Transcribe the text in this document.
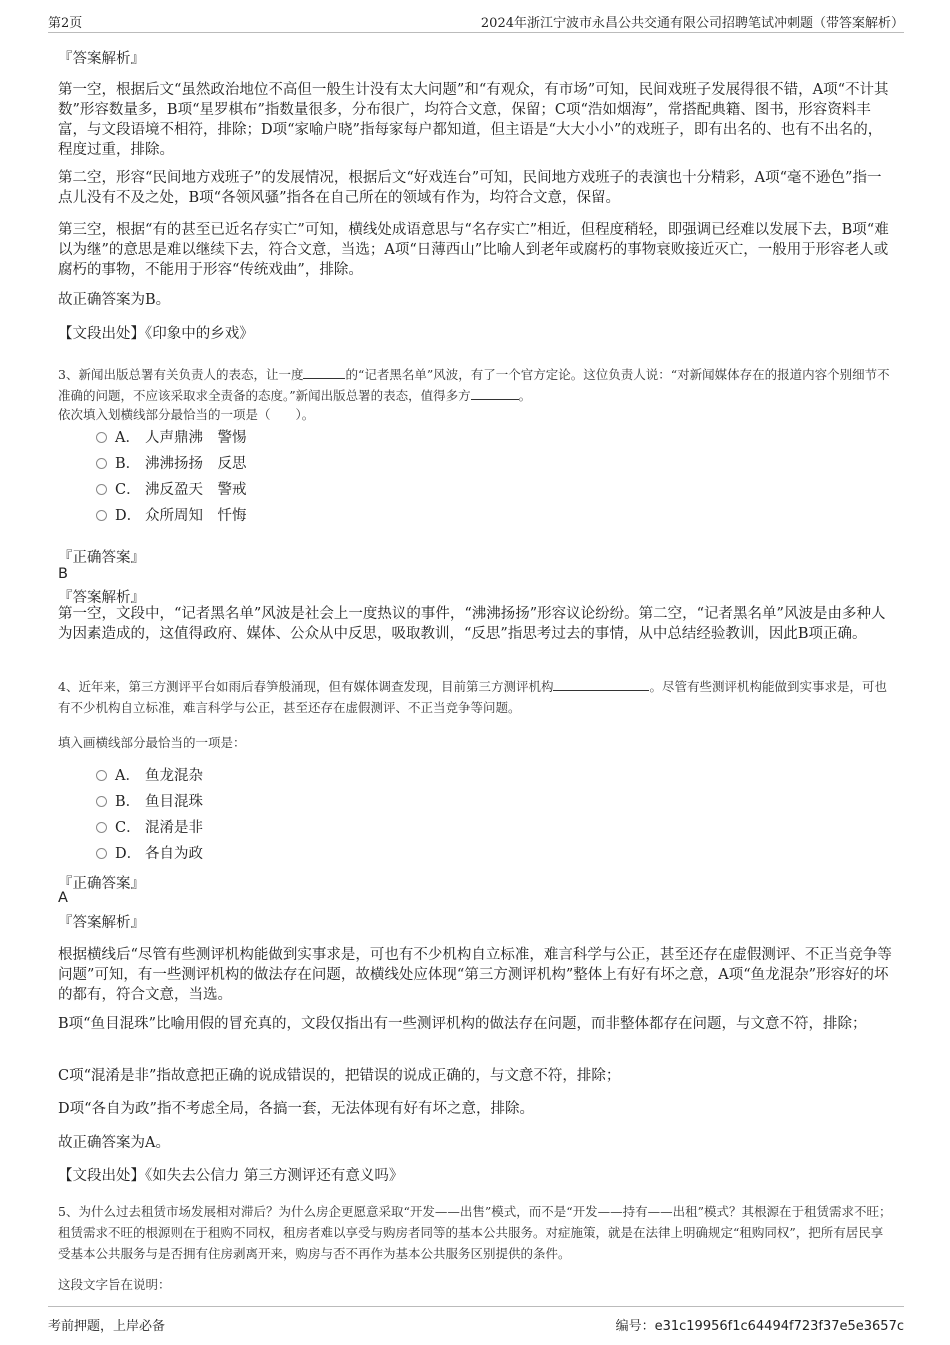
第2页	2024年浙江宁波市永昌公共交通有限公司招聘笔试冲刺题（带答案解析）
『答案解析』

第一空，根据后文“虽然政治地位不高但一般生计没有太大问题”和“有观众，有市场”可知，民间戏班子发展得很不错，A项“不计其数”形容数量多，B项“星罗棋布”指数量很多，分布很广，均符合文意，保留；C项“浩如烟海”，常搭配典籍、图书，形容资料丰富，与文段语境不相符，排除；D项“家喻户晓”指每家每户都知道，但主语是“大大小小”的戏班子，即有出名的、也有不出名的，程度过重，排除。

第二空，形容“民间地方戏班子”的发展情况，根据后文“好戏连台”可知，民间地方戏班子的表演也十分精彩，A项“毫不逊色”指一点儿没有不及之处，B项“各领风骚”指各在自己所在的领域有作为，均符合文意，保留。

第三空，根据“有的甚至已近名存实亡”可知，横线处成语意思与“名存实亡”相近，但程度稍轻，即强调已经难以发展下去，B项“难以为继”的意思是难以继续下去，符合文意，当选；A项“日薄西山”比喻人到老年或腐朽的事物衰败接近灭亡，一般用于形容老人或腐朽的事物，不能用于形容“传统戏曲”，排除。

故正确答案为B。

【文段出处】《印象中的乡戏》

3、新闻出版总署有关负责人的表态，让一度	的“记者黑名单”风波，有了一个官方定论。这位负责人说：“对新闻媒体存在的报道内容个别细节不准确的问题，不应该采取求全责备的态度。”新闻出版总署的表态，值得多方	。

依次填入划横线部分最恰当的一项是（　　）。

A． 人声鼎沸　警惕
B． 沸沸扬扬　反思
C． 沸反盈天　警戒
D． 众所周知　忏悔
『正确答案』
B
『答案解析』

第一空，文段中，“记者黑名单”风波是社会上一度热议的事件，“沸沸扬扬”形容议论纷纷。第二空，“记者黑名单”风波是由多种人为因素造成的，这值得政府、媒体、公众从中反思，吸取教训，“反思”指思考过去的事情，从中总结经验教训，因此B项正确。

4、近年来，第三方测评平台如雨后春笋般涌现，但有媒体调查发现，目前第三方测评机构	。尽管有些测评机构能做到实事求是，可也有不少机构自立标准，难言科学与公正，甚至还存在虚假测评、不正当竞争等问题。

填入画横线部分最恰当的一项是：

A． 鱼龙混杂
B． 鱼目混珠
C． 混淆是非
D． 各自为政
『正确答案』
A
『答案解析』

根据横线后“尽管有些测评机构能做到实事求是，可也有不少机构自立标准，难言科学与公正，甚至还存在虚假测评、不正当竞争等问题”可知，有一些测评机构的做法存在问题，故横线处应体现“第三方测评机构”整体上有好有坏之意，A项“鱼龙混杂”形容好的坏的都有，符合文意，当选。

B项“鱼目混珠”比喻用假的冒充真的，文段仅指出有一些测评机构的做法存在问题，而非整体都存在问题，与文意不符，排除；

C项“混淆是非”指故意把正确的说成错误的，把错误的说成正确的，与文意不符，排除；

D项“各自为政”指不考虑全局，各搞一套，无法体现有好有坏之意，排除。

故正确答案为A。

【文段出处】《如失去公信力 第三方测评还有意义吗》

5、为什么过去租赁市场发展相对滞后？为什么房企更愿意采取“开发——出售”模式，而不是“开发——持有——出租”模式？其根源在于租赁需求不旺；租赁需求不旺的根源则在于租购不同权，租房者难以享受与购房者同等的基本公共服务。对症施策，就是在法律上明确规定“租购同权”，把所有居民享受基本公共服务与是否拥有住房剥离开来，购房与否不再作为基本公共服务区别提供的条件。

这段文字旨在说明：

考前押题，上岸必备	编号：e31c19956f1c64494f723f37e5e3657c
